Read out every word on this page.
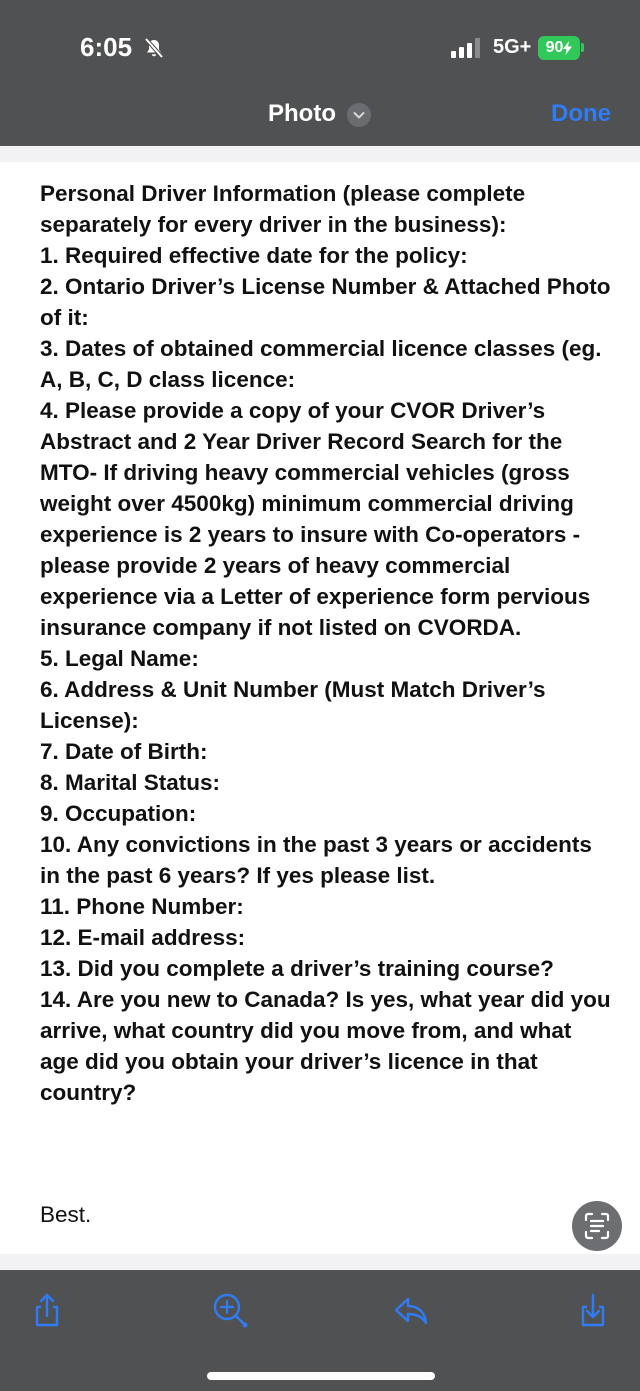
6:05	5G+ 90
Photo	Done

Personal Driver Information (please complete separately for every driver in the business):

1. Required effective date for the policy:

2. Ontario Driver’s License Number & Attached Photo of it:

3. Dates of obtained commercial licence classes (eg. A, B, C, D class licence:

4. Please provide a copy of your CVOR Driver’s Abstract and 2 Year Driver Record Search for the MTO- If driving heavy commercial vehicles (gross weight over 4500kg) minimum commercial driving experience is 2 years to insure with Co-operators - please provide 2 years of heavy commercial experience via a Letter of experience form pervious insurance company if not listed on CVORDA.

5. Legal Name:

6. Address & Unit Number (Must Match Driver’s License):

7. Date of Birth:

8. Marital Status:

9. Occupation:

10. Any convictions in the past 3 years or accidents in the past 6 years? If yes please list.

11. Phone Number:

12. E-mail address:

13. Did you complete a driver’s training course?

14. Are you new to Canada? Is yes, what year did you arrive, what country did you move from, and what age did you obtain your driver’s licence in that country?

Best.
